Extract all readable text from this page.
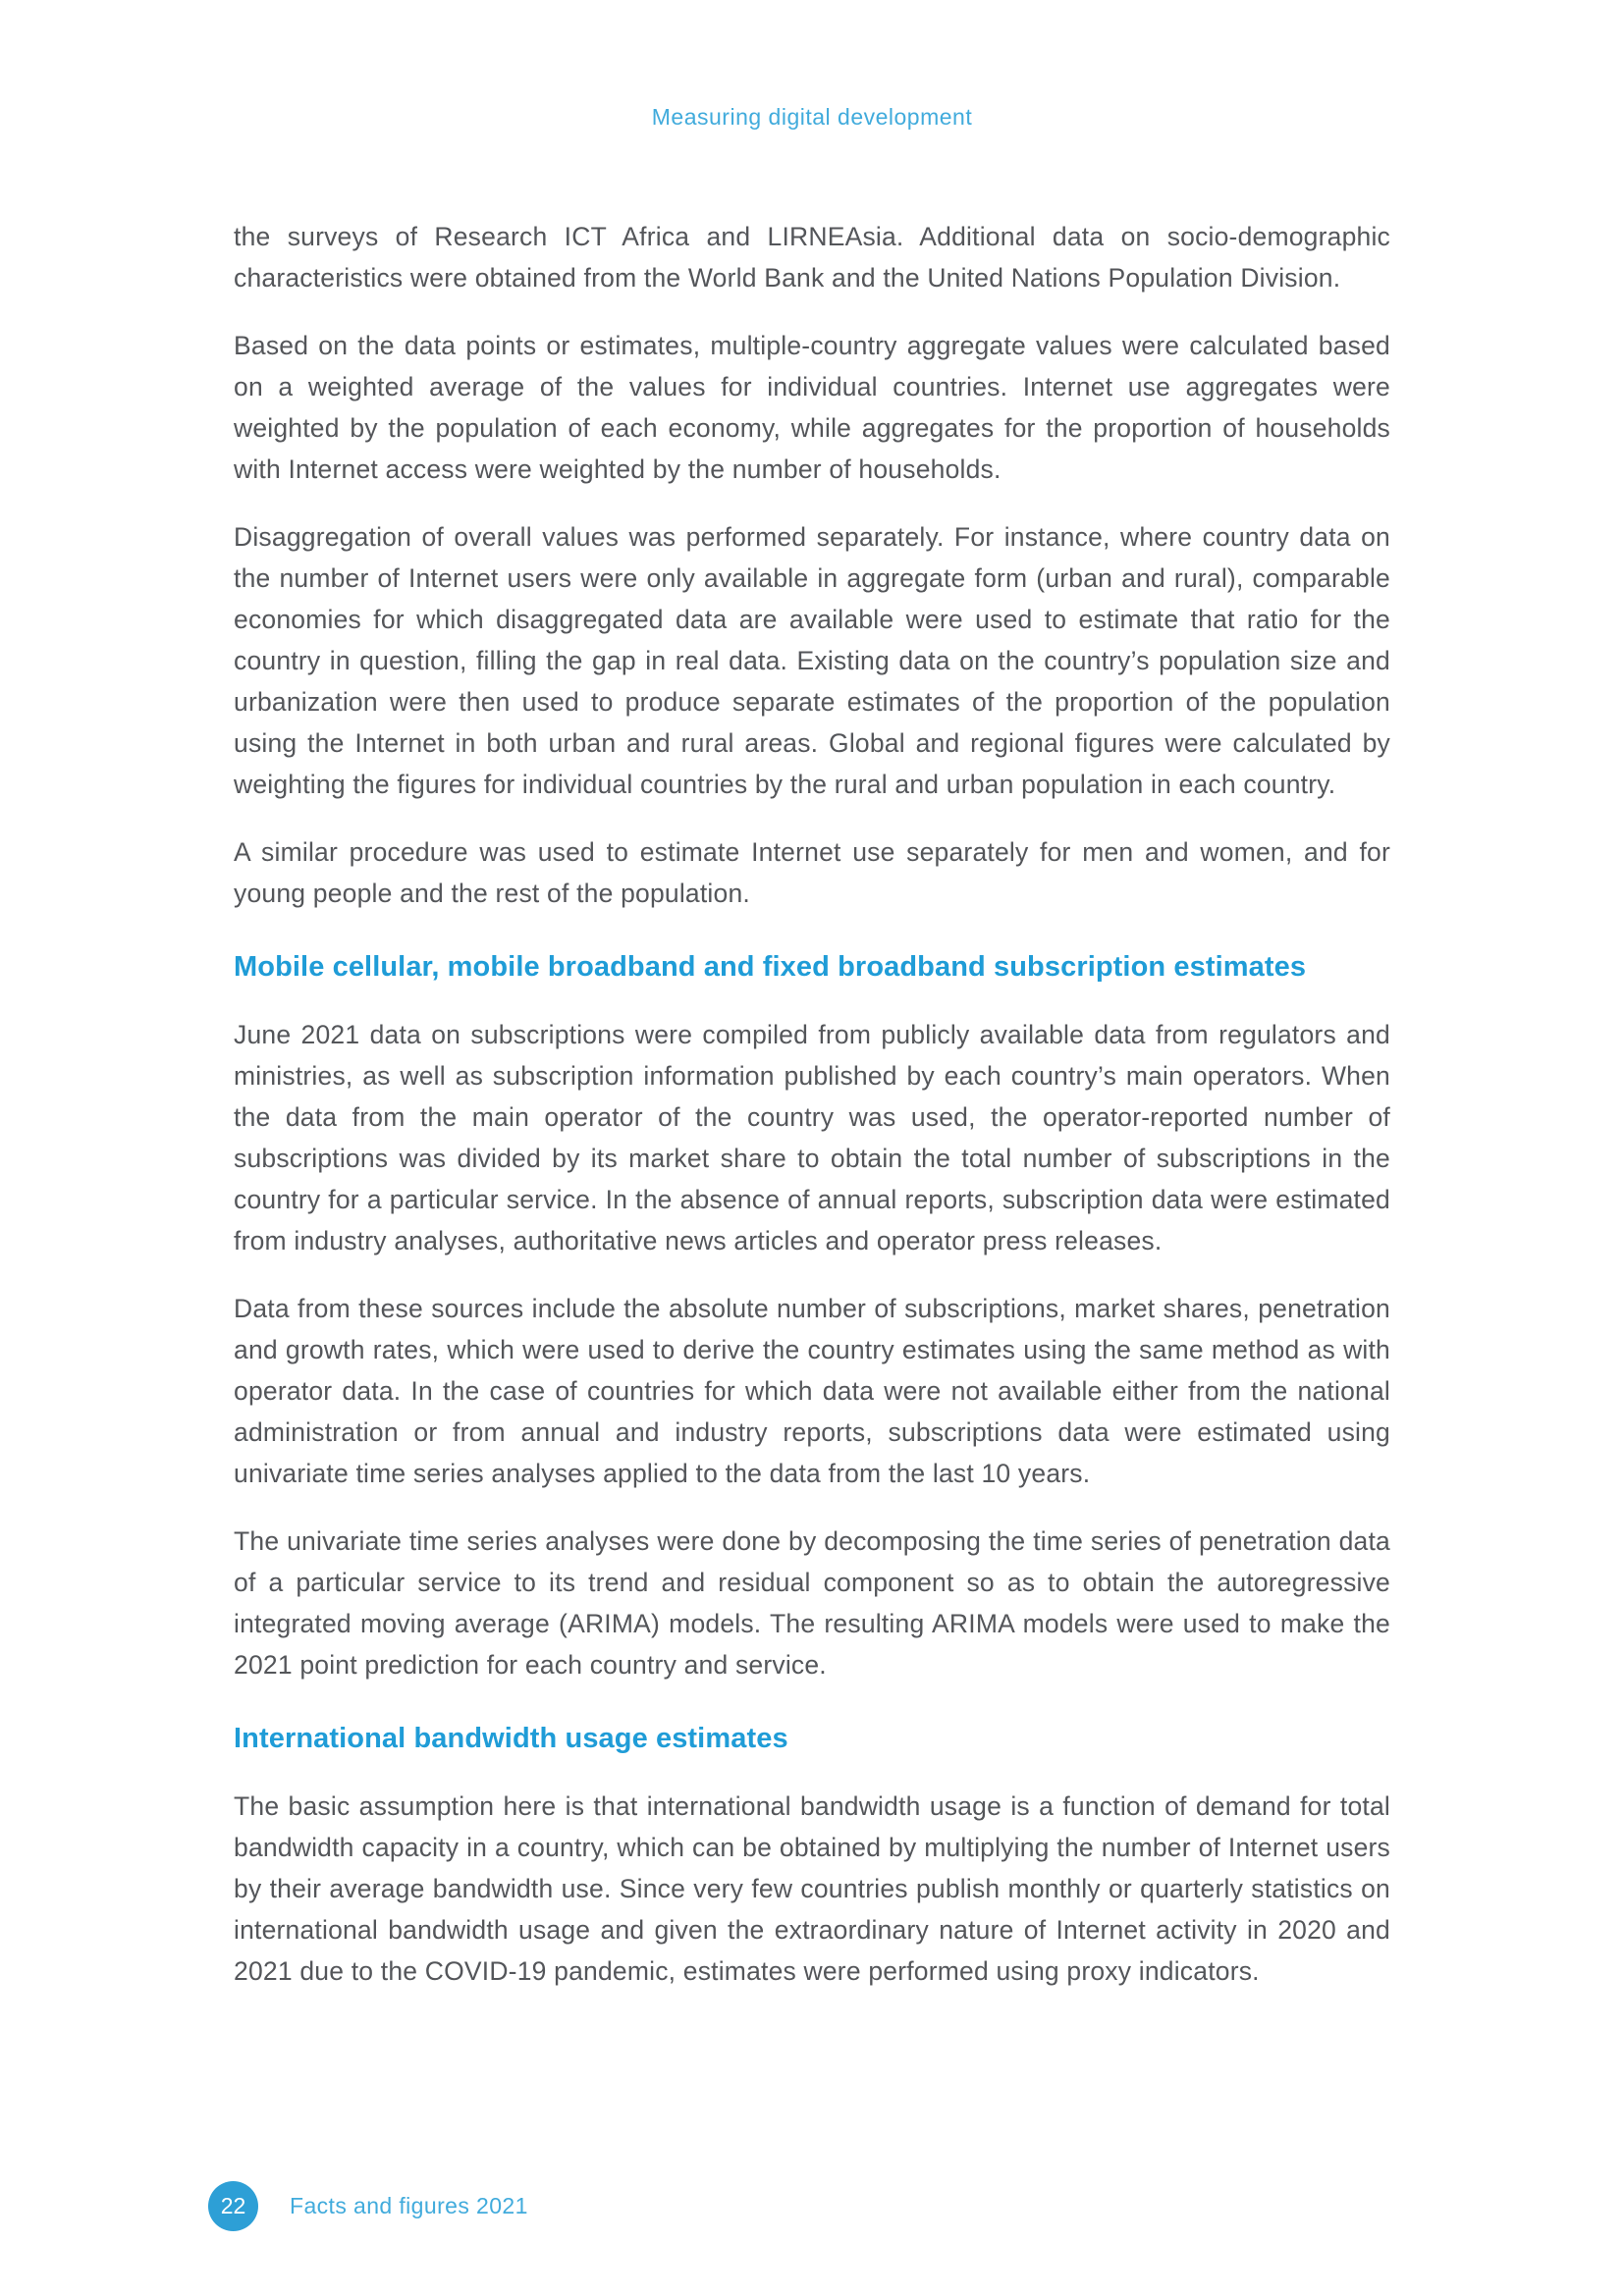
Measuring digital development

the surveys of Research ICT Africa and LIRNEAsia. Additional data on socio-demographic characteristics were obtained from the World Bank and the United Nations Population Division.

Based on the data points or estimates, multiple-country aggregate values were calculated based on a weighted average of the values for individual countries. Internet use aggregates were weighted by the population of each economy, while aggregates for the proportion of households with Internet access were weighted by the number of households.

Disaggregation of overall values was performed separately. For instance, where country data on the number of Internet users were only available in aggregate form (urban and rural), comparable economies for which disaggregated data are available were used to estimate that ratio for the country in question, filling the gap in real data. Existing data on the country’s population size and urbanization were then used to produce separate estimates of the proportion of the population using the Internet in both urban and rural areas. Global and regional figures were calculated by weighting the figures for individual countries by the rural and urban population in each country.

A similar procedure was used to estimate Internet use separately for men and women, and for young people and the rest of the population.

Mobile cellular, mobile broadband and fixed broadband subscription estimates

June 2021 data on subscriptions were compiled from publicly available data from regulators and ministries, as well as subscription information published by each country’s main operators. When the data from the main operator of the country was used, the operator-reported number of subscriptions was divided by its market share to obtain the total number of subscriptions in the country for a particular service. In the absence of annual reports, subscription data were estimated from industry analyses, authoritative news articles and operator press releases.

Data from these sources include the absolute number of subscriptions, market shares, penetration and growth rates, which were used to derive the country estimates using the same method as with operator data. In the case of countries for which data were not available either from the national administration or from annual and industry reports, subscriptions data were estimated using univariate time series analyses applied to the data from the last 10 years.

The univariate time series analyses were done by decomposing the time series of penetration data of a particular service to its trend and residual component so as to obtain the autoregressive integrated moving average (ARIMA) models. The resulting ARIMA models were used to make the 2021 point prediction for each country and service.

International bandwidth usage estimates

The basic assumption here is that international bandwidth usage is a function of demand for total bandwidth capacity in a country, which can be obtained by multiplying the number of Internet users by their average bandwidth use. Since very few countries publish monthly or quarterly statistics on international bandwidth usage and given the extraordinary nature of Internet activity in 2020 and 2021 due to the COVID-19 pandemic, estimates were performed using proxy indicators.

22 Facts and figures 2021
